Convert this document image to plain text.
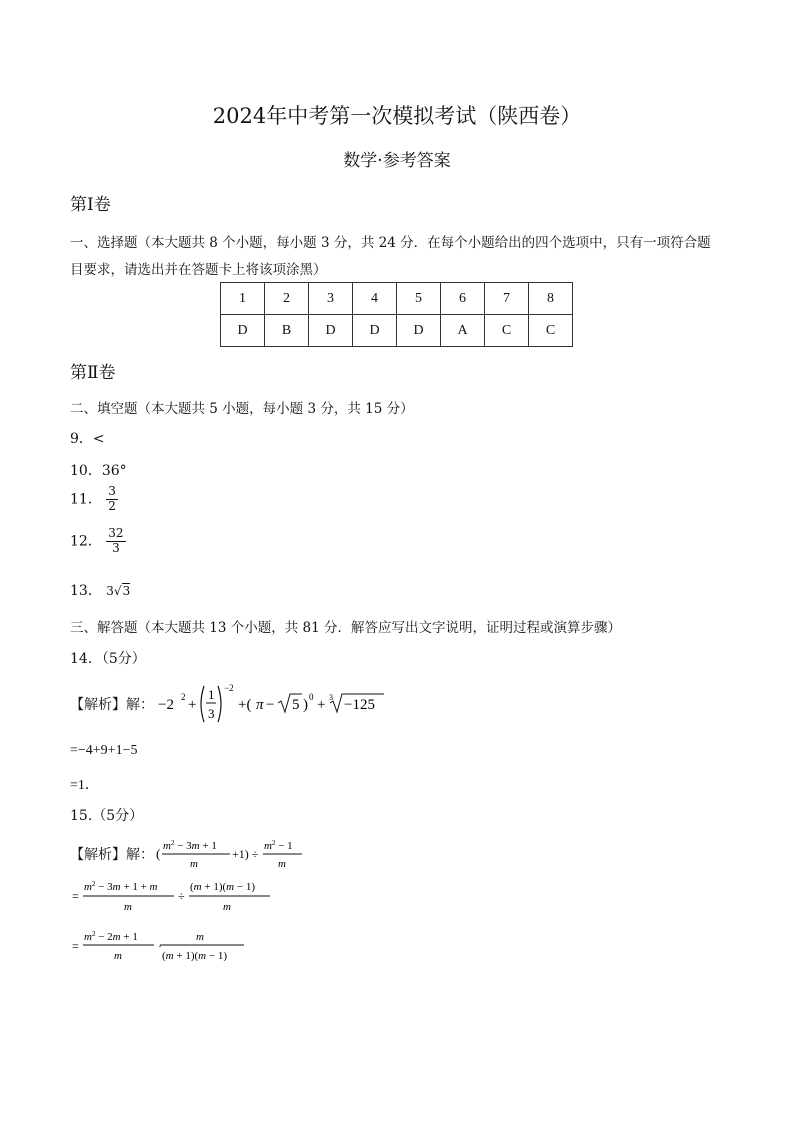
2024年中考第一次模拟考试（陕西卷）
数学·参考答案
第Ⅰ卷
一、选择题（本大题共 8 个小题，每小题 3 分，共 24 分．在每个小题给出的四个选项中，只有一项符合题
目要求，请选出并在答题卡上将该项涂黑）
1	2	3	4	5	6	7	8
D	B	D	D	D	A	C	C
第Ⅱ卷
二、填空题（本大题共 5 小题，每小题 3 分，共 15 分）
9．<
10．36°
11． $\frac{3}{2}$
12． $\frac{32}{3}$
13． 3√3
三、解答题（本大题共 13 个小题，共 81 分．解答应写出文字说明，证明过程或演算步骤）
14．（5分）
【解析】解： −2 2 +
1
3
−2
+( π − 5 ) 0 + 3 −125
=−4+9+1−5
=1．
15.（5分）
【解析】解： ( $m^2 - 3m + 1$
m
+1) ÷
$m^2 - 1$
m
=
$m^2 - 3m + 1 + m$
m
÷
(m + 1)(m − 1)
m
=
$m^2 - 2m + 1$
m
·
m
(m + 1)(m − 1)
